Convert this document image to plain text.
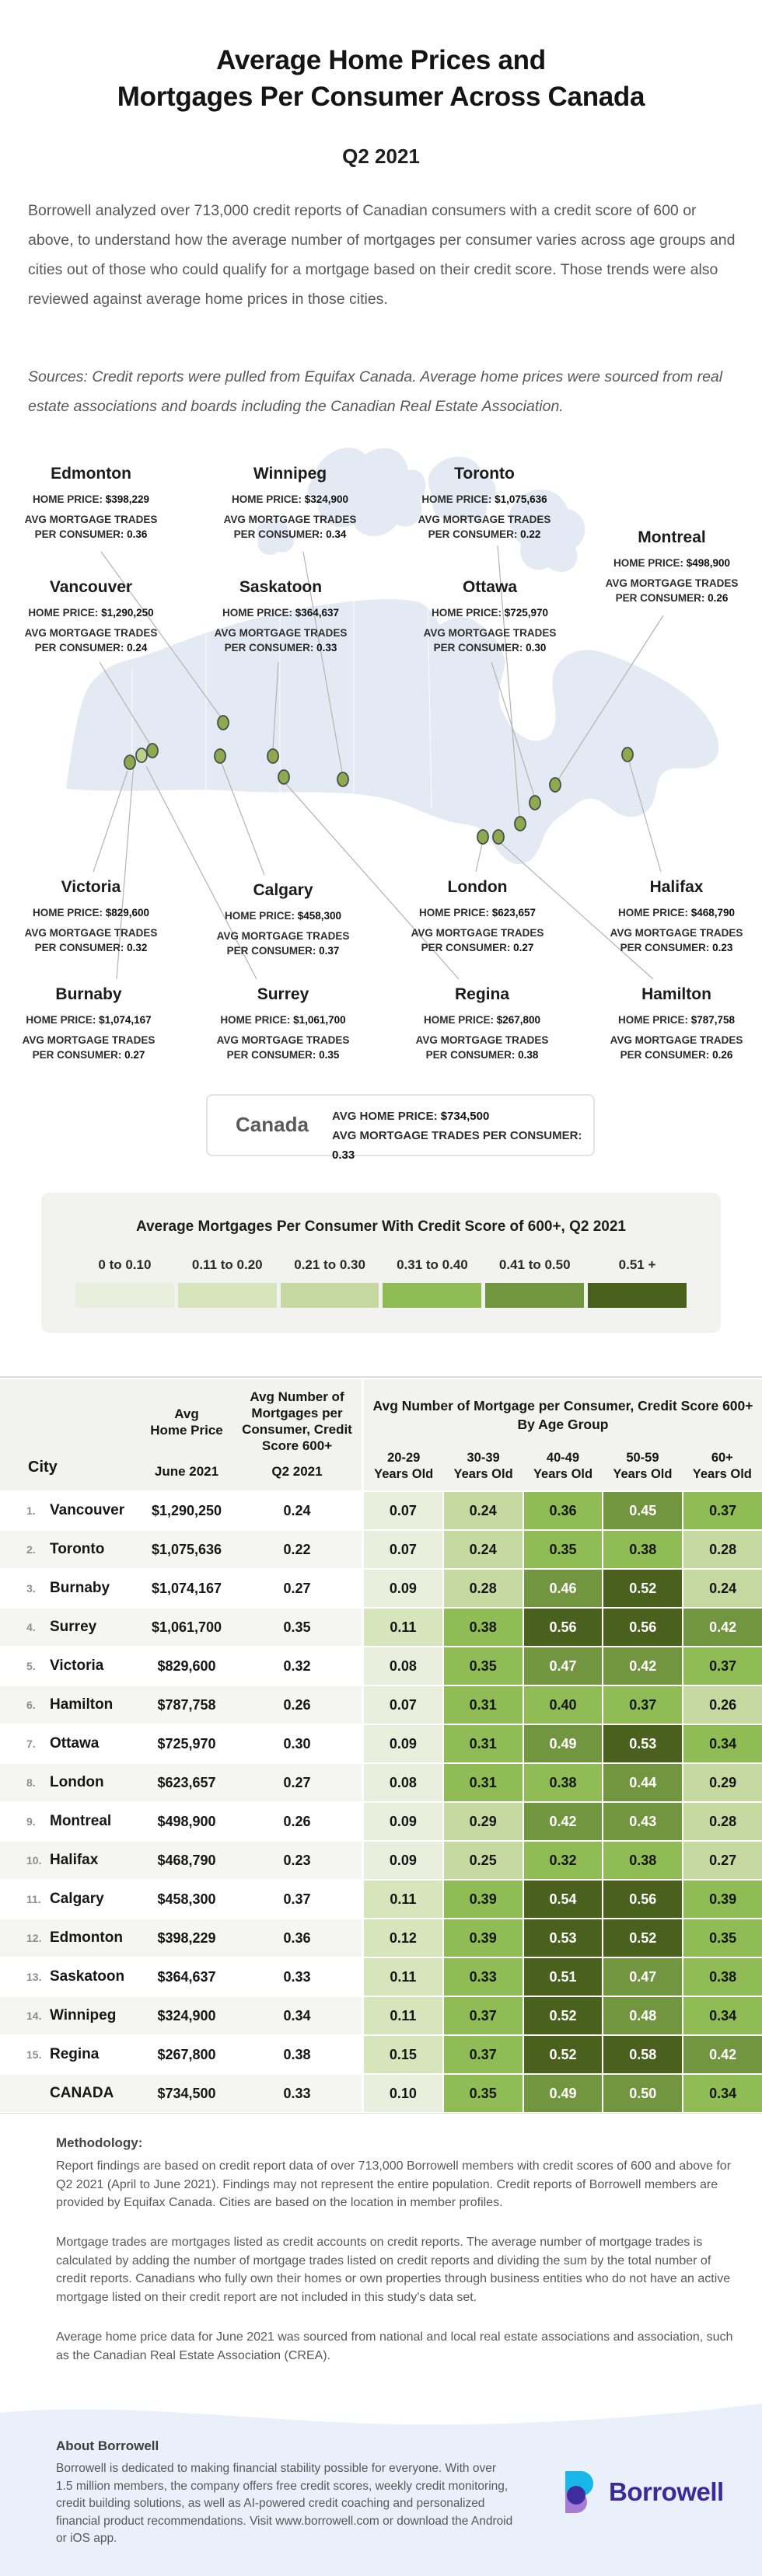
Average Home Prices and
Mortgages Per Consumer Across Canada
Q2 2021
Borrowell analyzed over 713,000 credit reports of Canadian consumers with a credit score of 600 or above, to understand how the average number of mortgages per consumer varies across age groups and cities out of those who could qualify for a mortgage based on their credit score. Those trends were also reviewed against average home prices in those cities.
Sources: Credit reports were pulled from Equifax Canada. Average home prices were sourced from real estate associations and boards including the Canadian Real Estate Association.
Edmonton
HOME PRICE: $398,229
AVG MORTGAGE TRADES
PER CONSUMER: 0.36
Winnipeg
HOME PRICE: $324,900
AVG MORTGAGE TRADES
PER CONSUMER: 0.34
Toronto
HOME PRICE: $1,075,636
AVG MORTGAGE TRADES
PER CONSUMER: 0.22	Montreal
HOME PRICE: $498,900
AVG MORTGAGE TRADES
PER CONSUMER: 0.26
Vancouver
HOME PRICE: $1,290,250
AVG MORTGAGE TRADES
PER CONSUMER: 0.24
Saskatoon
HOME PRICE: $364,637
AVG MORTGAGE TRADES
PER CONSUMER: 0.33
Ottawa
HOME PRICE: $725,970
AVG MORTGAGE TRADES
PER CONSUMER: 0.30
Victoria
HOME PRICE: $829,600
AVG MORTGAGE TRADES
PER CONSUMER: 0.32
Calgary
HOME PRICE: $458,300
AVG MORTGAGE TRADES
PER CONSUMER: 0.37
London
HOME PRICE: $623,657
AVG MORTGAGE TRADES
PER CONSUMER: 0.27
Halifax
HOME PRICE: $468,790
AVG MORTGAGE TRADES
PER CONSUMER: 0.23
Burnaby
HOME PRICE: $1,074,167
AVG MORTGAGE TRADES
PER CONSUMER: 0.27
Surrey
HOME PRICE: $1,061,700
AVG MORTGAGE TRADES
PER CONSUMER: 0.35
Regina
HOME PRICE: $267,800
AVG MORTGAGE TRADES
PER CONSUMER: 0.38
Hamilton
HOME PRICE: $787,758
AVG MORTGAGE TRADES
PER CONSUMER: 0.26
Canada AVG HOME PRICE: $734,500
AVG MORTGAGE TRADES PER CONSUMER: 0.33
Average Mortgages Per Consumer With Credit Score of 600+, Q2 2021
0 to 0.10	0.11 to 0.20	0.21 to 0.30	0.31 to 0.40	0.41 to 0.50	0.51 +
City
Avg
Home Price
June 2021
Avg Number of
Mortgages per
Consumer, Credit
Score 600+
Q2 2021
Avg Number of Mortgage per Consumer, Credit Score 600+
By Age Group
20-29
Years Old
30-39
Years Old
40-49
Years Old
50-59
Years Old
60+
Years Old
1. Vancouver	$1,290,250	0.24	0.07	0.24	0.36	0.45	0.37
2. Toronto	$1,075,636	0.22	0.07	0.24	0.35	0.38	0.28
3. Burnaby	$1,074,167	0.27	0.09	0.28	0.46	0.52	0.24
4. Surrey	$1,061,700	0.35	0.11	0.38	0.56	0.56	0.42
5. Victoria	$829,600	0.32	0.08	0.35	0.47	0.42	0.37
6. Hamilton	$787,758	0.26	0.07	0.31	0.40	0.37	0.26
7. Ottawa	$725,970	0.30	0.09	0.31	0.49	0.53	0.34
8. London	$623,657	0.27	0.08	0.31	0.38	0.44	0.29
9. Montreal	$498,900	0.26	0.09	0.29	0.42	0.43	0.28
10. Halifax	$468,790	0.23	0.09	0.25	0.32	0.38	0.27
11. Calgary	$458,300	0.37	0.11	0.39	0.54	0.56	0.39
12. Edmonton	$398,229	0.36	0.12	0.39	0.53	0.52	0.35
13. Saskatoon	$364,637	0.33	0.11	0.33	0.51	0.47	0.38
14. Winnipeg	$324,900	0.34	0.11	0.37	0.52	0.48	0.34
15. Regina	$267,800	0.38	0.15	0.37	0.52	0.58	0.42
CANADA	$734,500	0.33	0.10	0.35	0.49	0.50	0.34
Methodology:
Report findings are based on credit report data of over 713,000 Borrowell members with credit scores of 600 and above for Q2 2021 (April to June 2021). Findings may not represent the entire population. Credit reports of Borrowell members are provided by Equifax Canada. Cities are based on the location in member profiles.
Mortgage trades are mortgages listed as credit accounts on credit reports. The average number of mortgage trades is calculated by adding the number of mortgage trades listed on credit reports and dividing the sum by the total number of credit reports. Canadians who fully own their homes or own properties through business entities who do not have an active mortgage listed on their credit report are not included in this study's data set.
Average home price data for June 2021 was sourced from national and local real estate associations and association, such as the Canadian Real Estate Association (CREA).
About Borrowell
Borrowell is dedicated to making financial stability possible for everyone. With over 1.5 million members, the company offers free credit scores, weekly credit monitoring, credit building solutions, as well as AI-powered credit coaching and personalized financial product recommendations. Visit www.borrowell.com or download the Android or iOS app.
Borrowell
